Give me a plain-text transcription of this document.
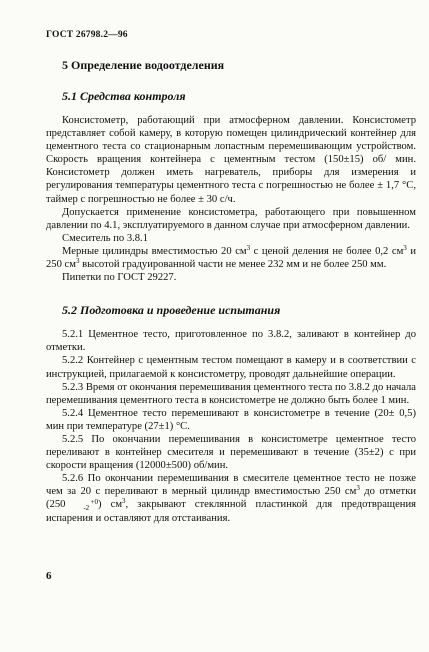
ГОСТ 26798.2—96
5 Определение водоотделения
5.1 Средства контроля

Консистометр, работающий при атмосферном давлении. Консистометр представляет собой камеру, в которую помещен цилиндрический контейнер для цементного теста со стационарным лопастным перемешивающим устройством. Скорость вращения контейнера с цементным тестом (150±15) об/ мин. Консистометр должен иметь нагреватель, приборы для измерения и регулирования температуры цементного теста с погрешностью не более ± 1,7 °С, таймер с погрешностью не более ± 30 с/ч.

Допускается применение консистометра, работающего при повышенном давлении по 4.1, эксплуатируемого в данном случае при атмосферном давлении.

Смеситель по 3.8.1

Мерные цилиндры вместимостью 20 $см^3$ с ценой деления не более 0,2 $см^3$ и 250 $см^3$ высотой градуированной части не менее 232 мм и не более 250 мм.

Пипетки по ГОСТ 29227.

5.2 Подготовка и проведение испытания

5.2.1 Цементное тесто, приготовленное по 3.8.2, заливают в контейнер до отметки.

5.2.2 Контейнер с цементным тестом помещают в камеру и в соответствии с инструкцией, прилагаемой к консистометру, проводят дальнейшие операции.

5.2.3 Время от окончания перемешивания цементного теста по 3.8.2 до начала перемешивания цементного теста в консистометре не должно быть более 1 мин.

5.2.4 Цементное тесто перемешивают в консистометре в течение (20± 0,5) мин при температуре (27±1) °С.

5.2.5 По окончании перемешивания в консистометре цементное тесто переливают в контейнер смесителя и перемешивают в течение (35±2) с при скорости вращения (12000±500) об/мин.

5.2.6 По окончании перемешивания в смесителе цементное тесто не позже чем за 20 с переливают в мерный цилиндр вместимостью 250 $см^3$ до отметки (250 +0
-2 ) $см^3$, закрывают стеклянной пластинкой для предотвращения испарения и оставляют для отстаивания.

6
